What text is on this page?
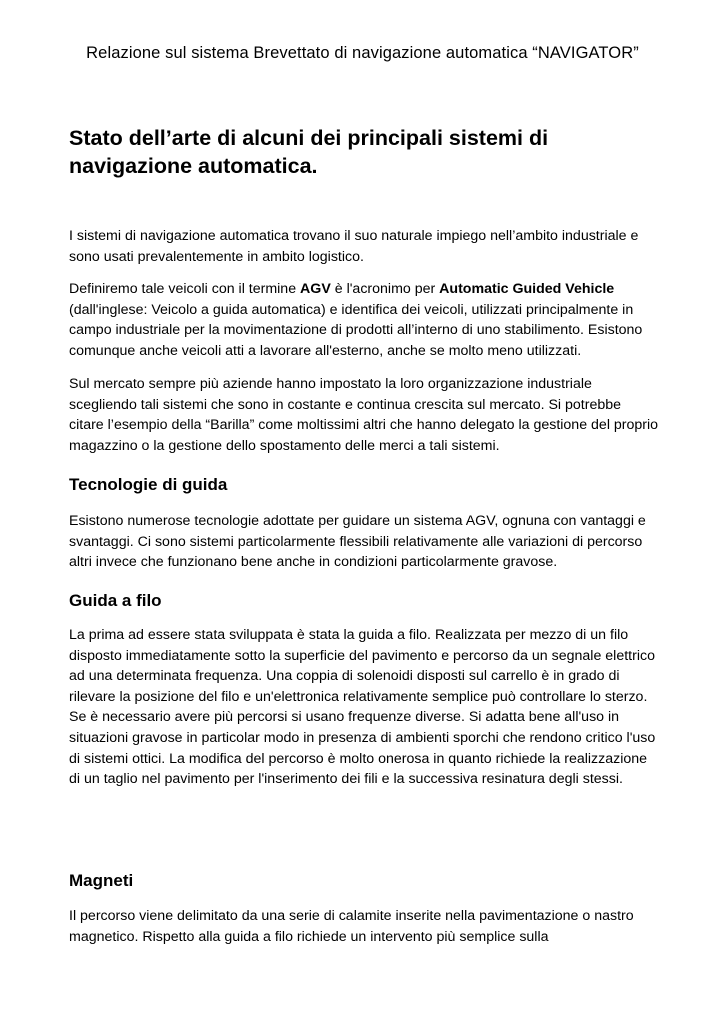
Relazione sul sistema Brevettato di navigazione automatica “NAVIGATOR”
Stato dell’arte di alcuni dei principali sistemi di
navigazione automatica.

I sistemi di navigazione automatica trovano il suo naturale impiego nell’ambito industriale e sono usati prevalentemente in ambito logistico.

Definiremo tale veicoli con il termine AGV è l'acronimo per Automatic Guided Vehicle (dall'inglese: Veicolo a guida automatica) e identifica dei veicoli, utilizzati principalmente in campo industriale per la movimentazione di prodotti all’interno di uno stabilimento. Esistono comunque anche veicoli atti a lavorare all'esterno, anche se molto meno utilizzati.

Sul mercato sempre più aziende hanno impostato la loro organizzazione industriale scegliendo tali sistemi che sono in costante e continua crescita sul mercato. Si potrebbe citare l’esempio della “Barilla” come moltissimi altri che hanno delegato la gestione del proprio magazzino o la gestione dello spostamento delle merci a tali sistemi.

Tecnologie di guida

Esistono numerose tecnologie adottate per guidare un sistema AGV, ognuna con vantaggi e svantaggi. Ci sono sistemi particolarmente flessibili relativamente alle variazioni di percorso altri invece che funzionano bene anche in condizioni particolarmente gravose.

Guida a filo

La prima ad essere stata sviluppata è stata la guida a filo. Realizzata per mezzo di un filo disposto immediatamente sotto la superficie del pavimento e percorso da un segnale elettrico ad una determinata frequenza. Una coppia di solenoidi disposti sul carrello è in grado di rilevare la posizione del filo e un'elettronica relativamente semplice può controllare lo sterzo. Se è necessario avere più percorsi si usano frequenze diverse. Si adatta bene all'uso in situazioni gravose in particolar modo in presenza di ambienti sporchi che rendono critico l'uso di sistemi ottici. La modifica del percorso è molto onerosa in quanto richiede la realizzazione di un taglio nel pavimento per l'inserimento dei fili e la successiva resinatura degli stessi.

Magneti

Il percorso viene delimitato da una serie di calamite inserite nella pavimentazione o nastro magnetico. Rispetto alla guida a filo richiede un intervento più semplice sulla
